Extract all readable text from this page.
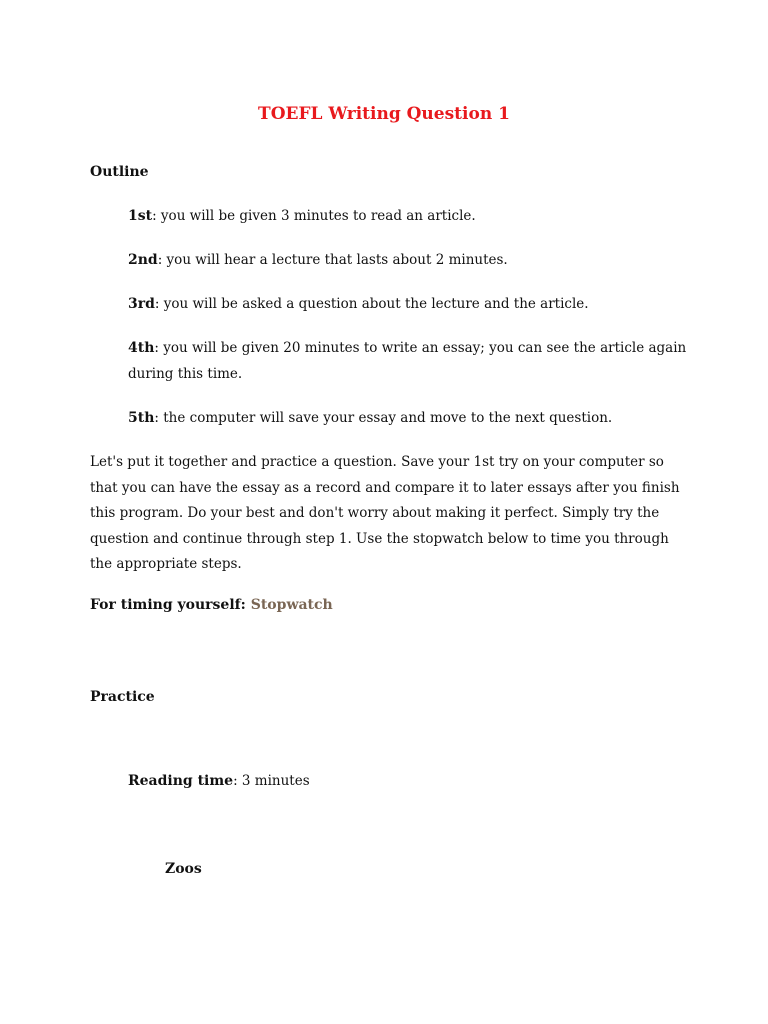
TOEFL Writing Question 1

Outline

1st: you will be given 3 minutes to read an article.

2nd: you will hear a lecture that lasts about 2 minutes.

3rd: you will be asked a question about the lecture and the article.

4th: you will be given 20 minutes to write an essay; you can see the article again during this time.

5th: the computer will save your essay and move to the next question.

Let's put it together and practice a question. Save your 1st try on your computer so that you can have the essay as a record and compare it to later essays after you finish this program. Do your best and don't worry about making it perfect. Simply try the question and continue through step 1. Use the stopwatch below to time you through the appropriate steps.

For timing yourself: Stopwatch

Practice

Reading time: 3 minutes

Zoos
